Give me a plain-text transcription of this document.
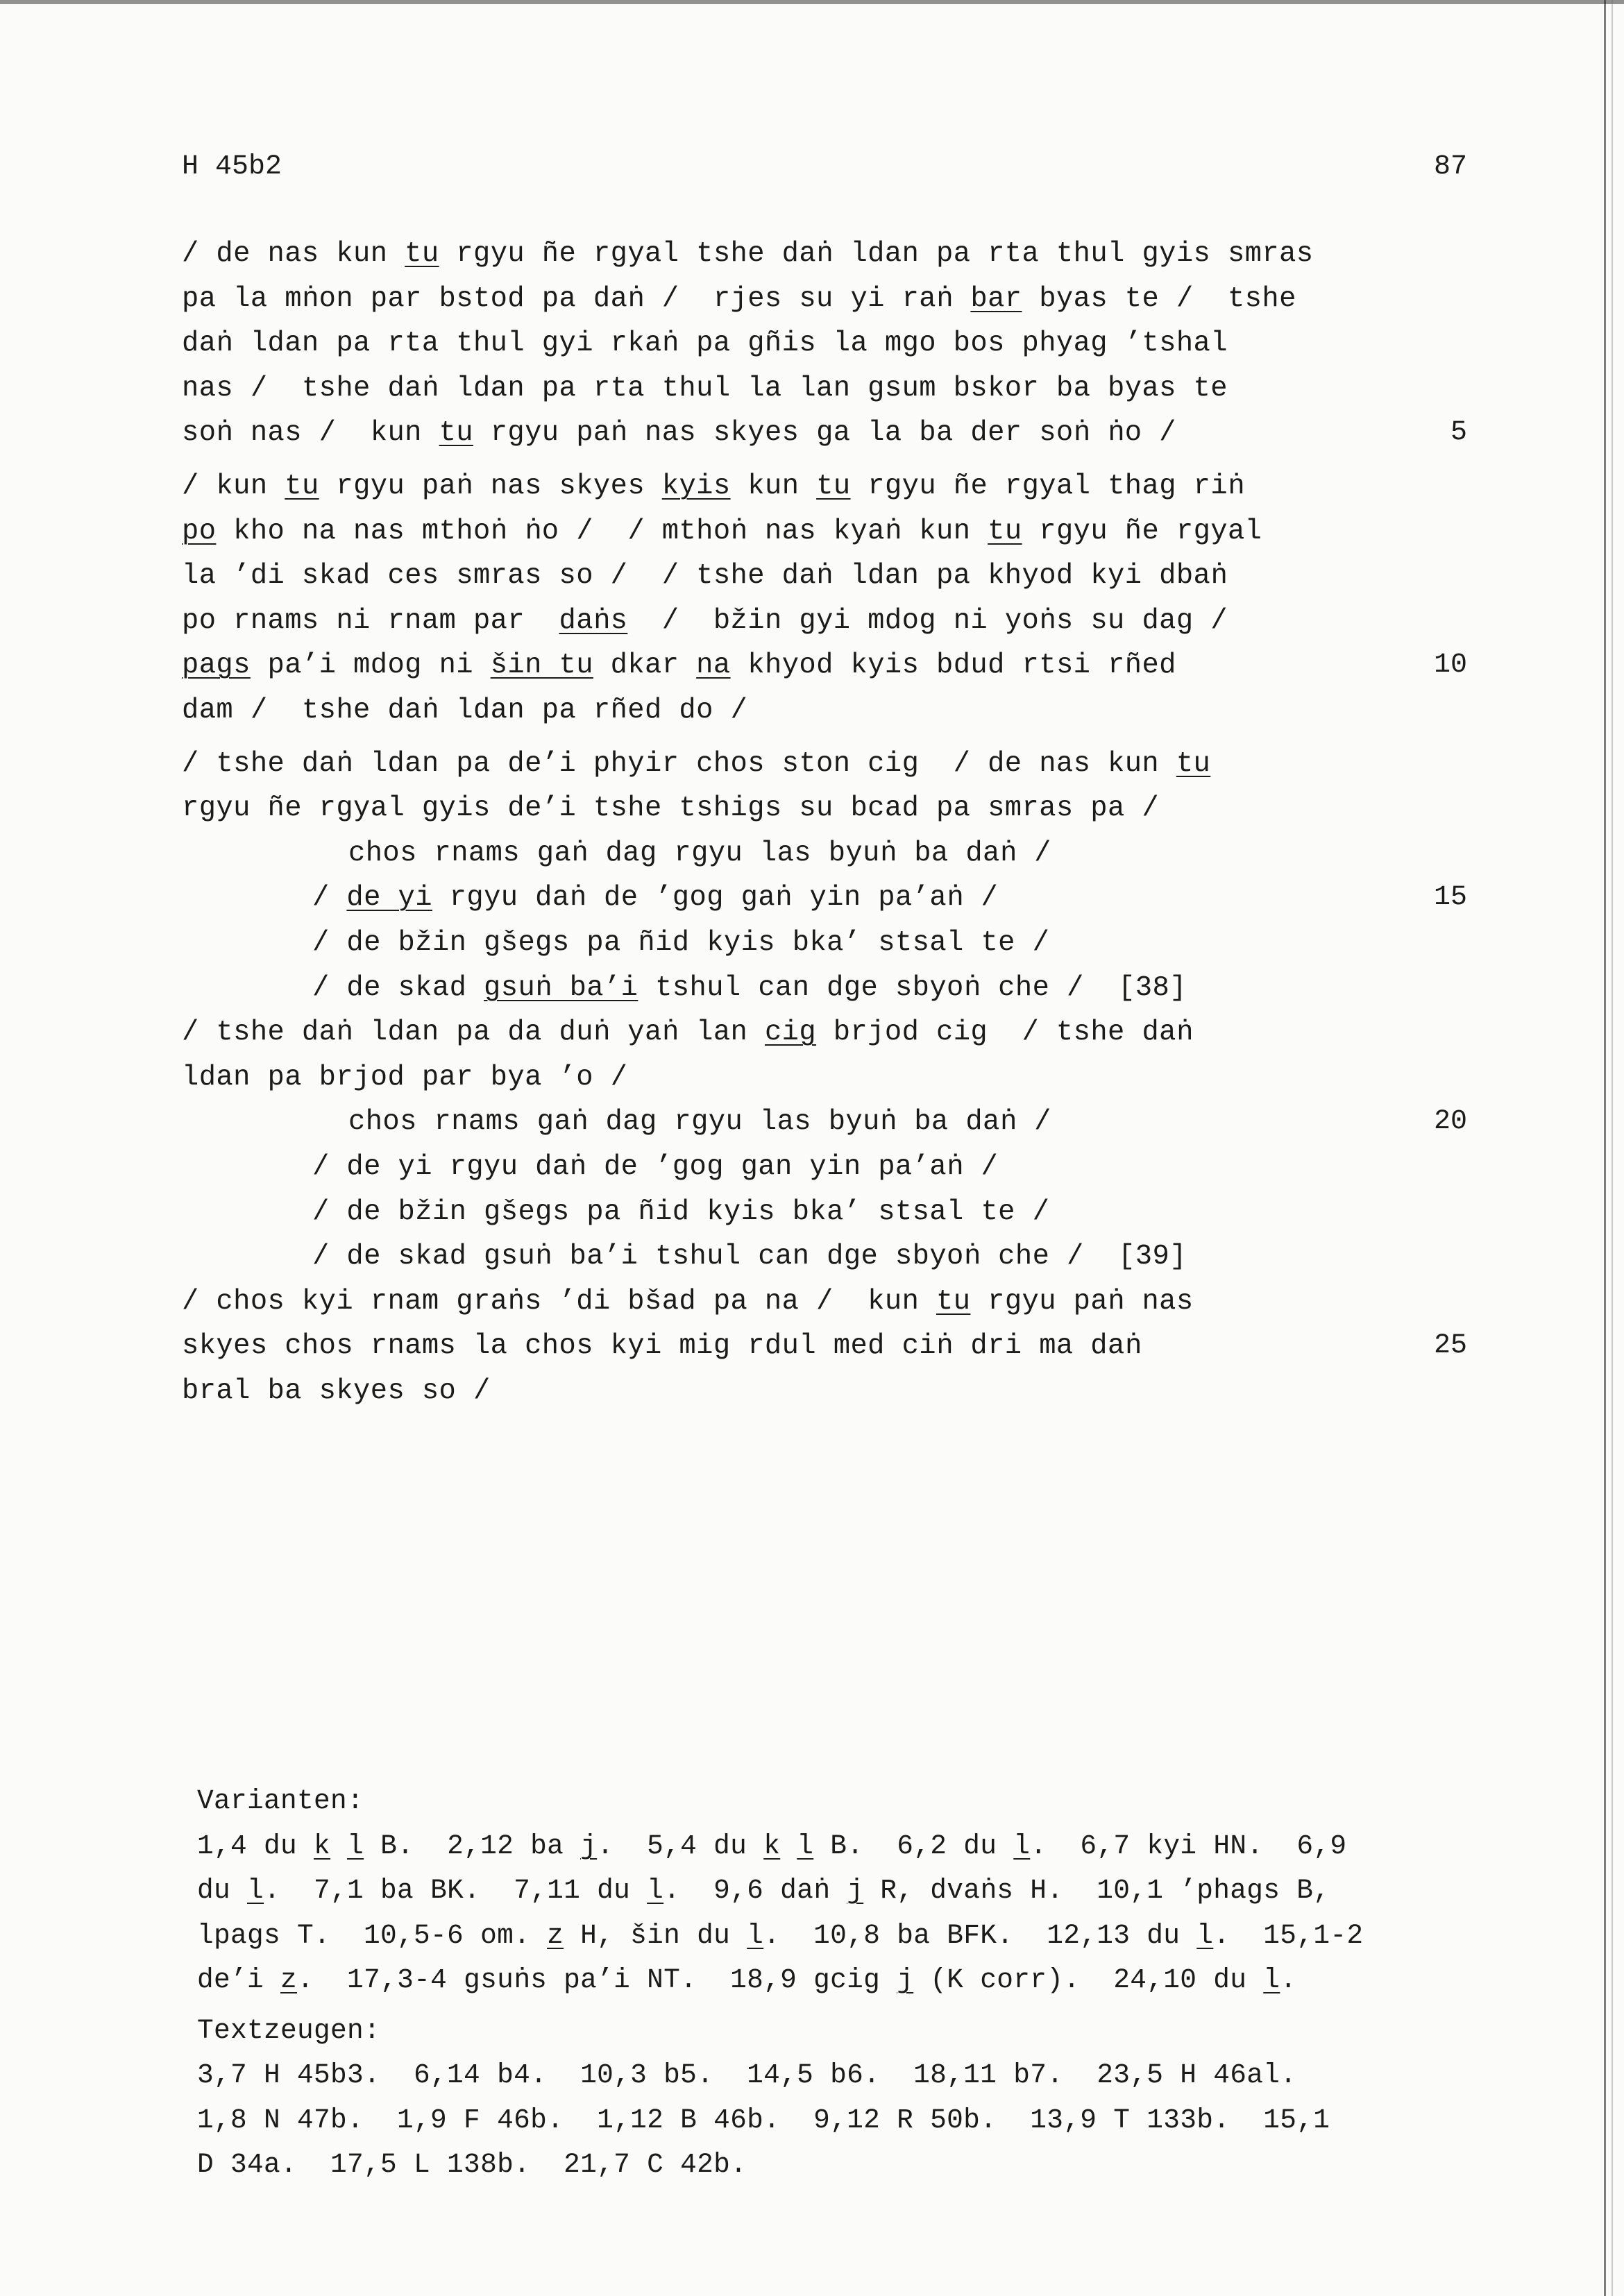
H 45b2	87
/ de nas kun tu rgyu ñe rgyal tshe daṅ ldan pa rta thul gyis smras
pa la mṅon par bstod pa daṅ /  rjes su yi raṅ bar byas te /  tshe
daṅ ldan pa rta thul gyi rkaṅ pa gñis la mgo bos phyag ’tshal
nas /  tshe daṅ ldan pa rta thul la lan gsum bskor ba byas te
soṅ nas /  kun tu rgyu paṅ nas skyes ga la ba der soṅ ṅo /	5
/ kun tu rgyu paṅ nas skyes kyis kun tu rgyu ñe rgyal thag riṅ
po kho na nas mthoṅ ṅo /  / mthoṅ nas kyaṅ kun tu rgyu ñe rgyal
la ’di skad ces smras so /  / tshe daṅ ldan pa khyod kyi dbaṅ
po rnams ni rnam par  daṅs  /  bžin gyi mdog ni yoṅs su dag /
pags pa’i mdog ni šin tu dkar na khyod kyis bdud rtsi rñed	10
dam /  tshe daṅ ldan pa rñed do /
/ tshe daṅ ldan pa de’i phyir chos ston cig  / de nas kun tu
rgyu ñe rgyal gyis de’i tshe tshigs su bcad pa smras pa /
chos rnams gaṅ dag rgyu las byuṅ ba daṅ /
/ de yi rgyu daṅ de ’gog gaṅ yin pa’aṅ /	15
/ de bžin gšegs pa ñid kyis bka’ stsal te /
/ de skad gsuṅ ba’i tshul can dge sbyoṅ che /  [38]
/ tshe daṅ ldan pa da duṅ yaṅ lan cig brjod cig  / tshe daṅ
ldan pa brjod par bya ’o /
chos rnams gaṅ dag rgyu las byuṅ ba daṅ /	20
/ de yi rgyu daṅ de ’gog gan yin pa’aṅ /
/ de bžin gšegs pa ñid kyis bka’ stsal te /
/ de skad gsuṅ ba’i tshul can dge sbyoṅ che /  [39]
/ chos kyi rnam graṅs ’di bšad pa na /  kun tu rgyu paṅ nas
skyes chos rnams la chos kyi mig rdul med ciṅ dri ma daṅ	25
bral ba skyes so /
Varianten:
1,4 du k l B.  2,12 ba j.  5,4 du k l B.  6,2 du l.  6,7 kyi HN.  6,9
du l.  7,1 ba BK.  7,11 du l.  9,6 daṅ j R, dvaṅs H.  10,1 ’phags B,
lpags T.  10,5-6 om. z H, šin du l.  10,8 ba BFK.  12,13 du l.  15,1-2
de’i z.  17,3-4 gsuṅs pa’i NT.  18,9 gcig j (K corr).  24,10 du l.
Textzeugen:
3,7 H 45b3.  6,14 b4.  10,3 b5.  14,5 b6.  18,11 b7.  23,5 H 46al.
1,8 N 47b.  1,9 F 46b.  1,12 B 46b.  9,12 R 50b.  13,9 T 133b.  15,1
D 34a.  17,5 L 138b.  21,7 C 42b.
